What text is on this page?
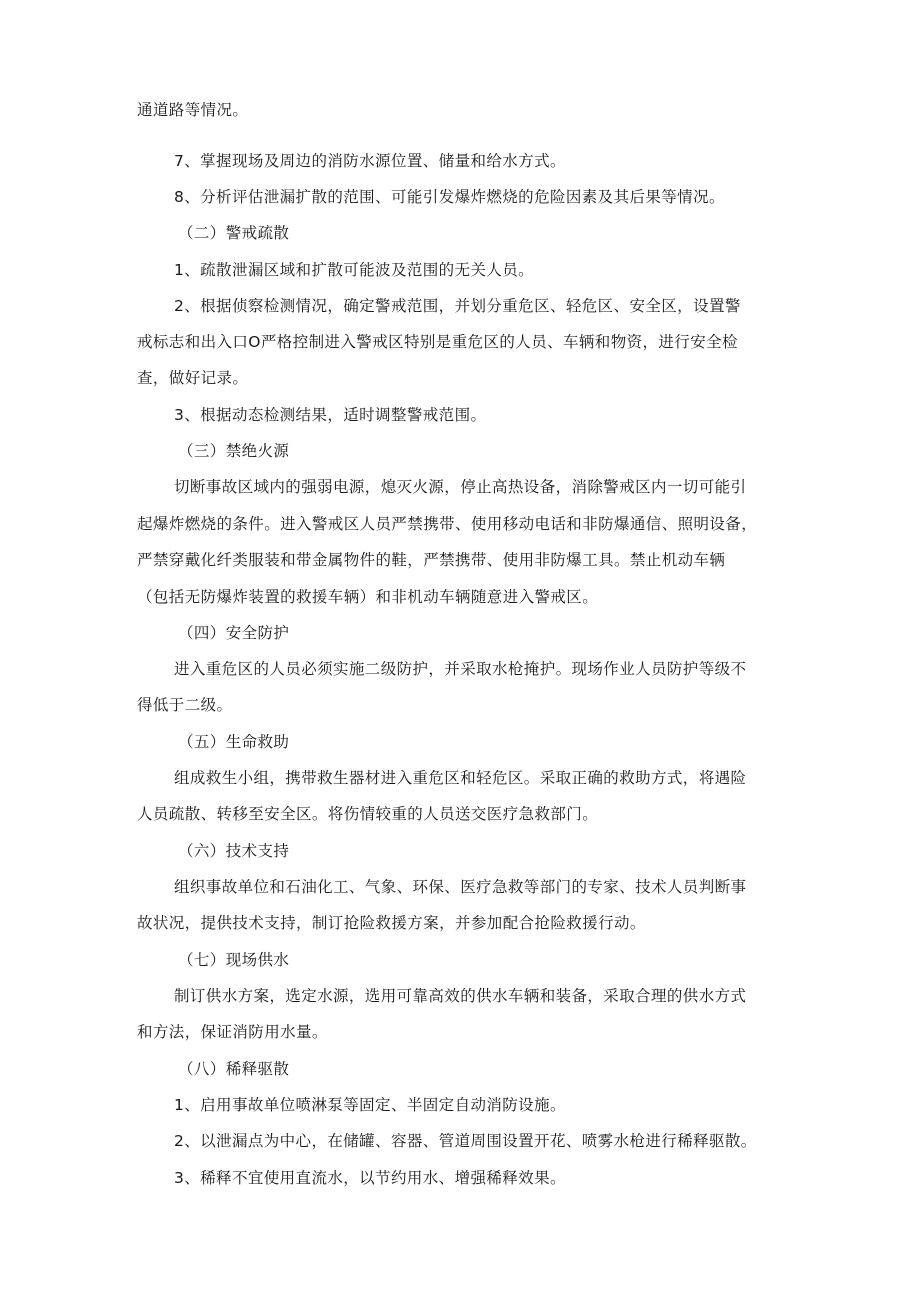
通道路等情况。
7、掌握现场及周边的消防水源位置、储量和给水方式。
8、分析评估泄漏扩散的范围、可能引发爆炸燃烧的危险因素及其后果等情况。
（二）警戒疏散
1、疏散泄漏区域和扩散可能波及范围的无关人员。
2、根据侦察检测情况，确定警戒范围，并划分重危区、轻危区、安全区，设置警
戒标志和出入口O严格控制进入警戒区特别是重危区的人员、车辆和物资，进行安全检
查，做好记录。
3、根据动态检测结果，适时调整警戒范围。
（三）禁绝火源
切断事故区域内的强弱电源，熄灭火源，停止高热设备，消除警戒区内一切可能引
起爆炸燃烧的条件。进入警戒区人员严禁携带、使用移动电话和非防爆通信、照明设备，
严禁穿戴化纤类服装和带金属物件的鞋，严禁携带、使用非防爆工具。禁止机动车辆
（包括无防爆炸装置的救援车辆）和非机动车辆随意进入警戒区。
（四）安全防护
进入重危区的人员必须实施二级防护，并采取水枪掩护。现场作业人员防护等级不
得低于二级。
（五）生命救助
组成救生小组，携带救生器材进入重危区和轻危区。采取正确的救助方式，将遇险
人员疏散、转移至安全区。将伤情较重的人员送交医疗急救部门。
（六）技术支持
组织事故单位和石油化工、气象、环保、医疗急救等部门的专家、技术人员判断事
故状况，提供技术支持，制订抢险救援方案，并参加配合抢险救援行动。
（七）现场供水
制订供水方案，选定水源，选用可靠高效的供水车辆和装备，采取合理的供水方式
和方法，保证消防用水量。
（八）稀释驱散
1、启用事故单位喷淋泵等固定、半固定自动消防设施。
2、以泄漏点为中心，在储罐、容器、管道周围设置开花、喷雾水枪进行稀释驱散。
3、稀释不宜使用直流水，以节约用水、增强稀释效果。
